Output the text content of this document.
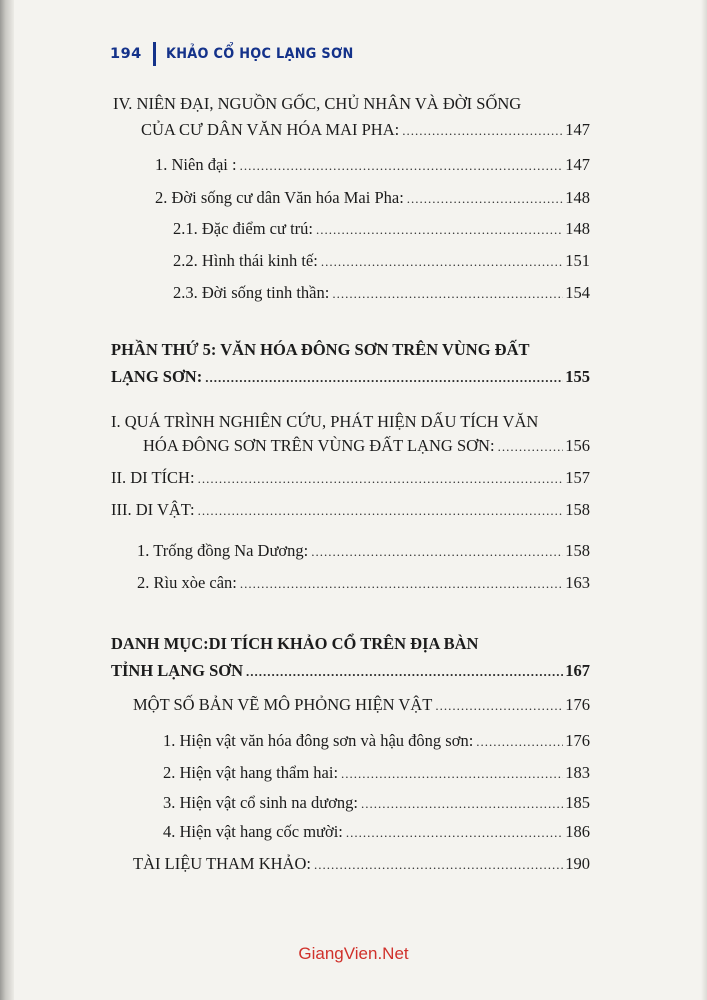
194 KHẢO CỔ HỌC LẠNG SƠN
IV. NIÊN ĐẠI, NGUỒN GỐC, CHỦ NHÂN VÀ ĐỜI SỐNG
CỦA CƯ DÂN VĂN HÓA MAI PHA: .....	147
1. Niên đại : .....	147
2. Đời sống cư dân Văn hóa Mai Pha: .....	148
2.1. Đặc điểm cư trú: .....	148
2.2. Hình thái kinh tế: .....	151
2.3. Đời sống tinh thần: .....	154
PHẦN THỨ 5: VĂN HÓA ĐÔNG SƠN TRÊN VÙNG ĐẤT
LẠNG SƠN: .....	155
I. QUÁ TRÌNH NGHIÊN CỨU, PHÁT HIỆN DẤU TÍCH VĂN
HÓA ĐÔNG SƠN TRÊN VÙNG ĐẤT LẠNG SƠN: .....	156
II. DI TÍCH: .....	157
III. DI VẬT: .....	158
1. Trống đồng Na Dương: .....	158
2. Rìu xòe cân: .....	163
DANH MỤC:DI TÍCH KHẢO CỔ TRÊN ĐỊA BÀN
TỈNH LẠNG SƠN .....	167
MỘT SỐ BẢN VẼ MÔ PHỎNG HIỆN VẬT .....	176
1. Hiện vật văn hóa đông sơn và hậu đông sơn: .....	176
2. Hiện vật hang thẩm hai: .....	183
3. Hiện vật cổ sinh na dương: .....	185
4. Hiện vật hang cốc mười: .....	186
TÀI LIỆU THAM KHẢO: .....	190
GiangVien.Net
